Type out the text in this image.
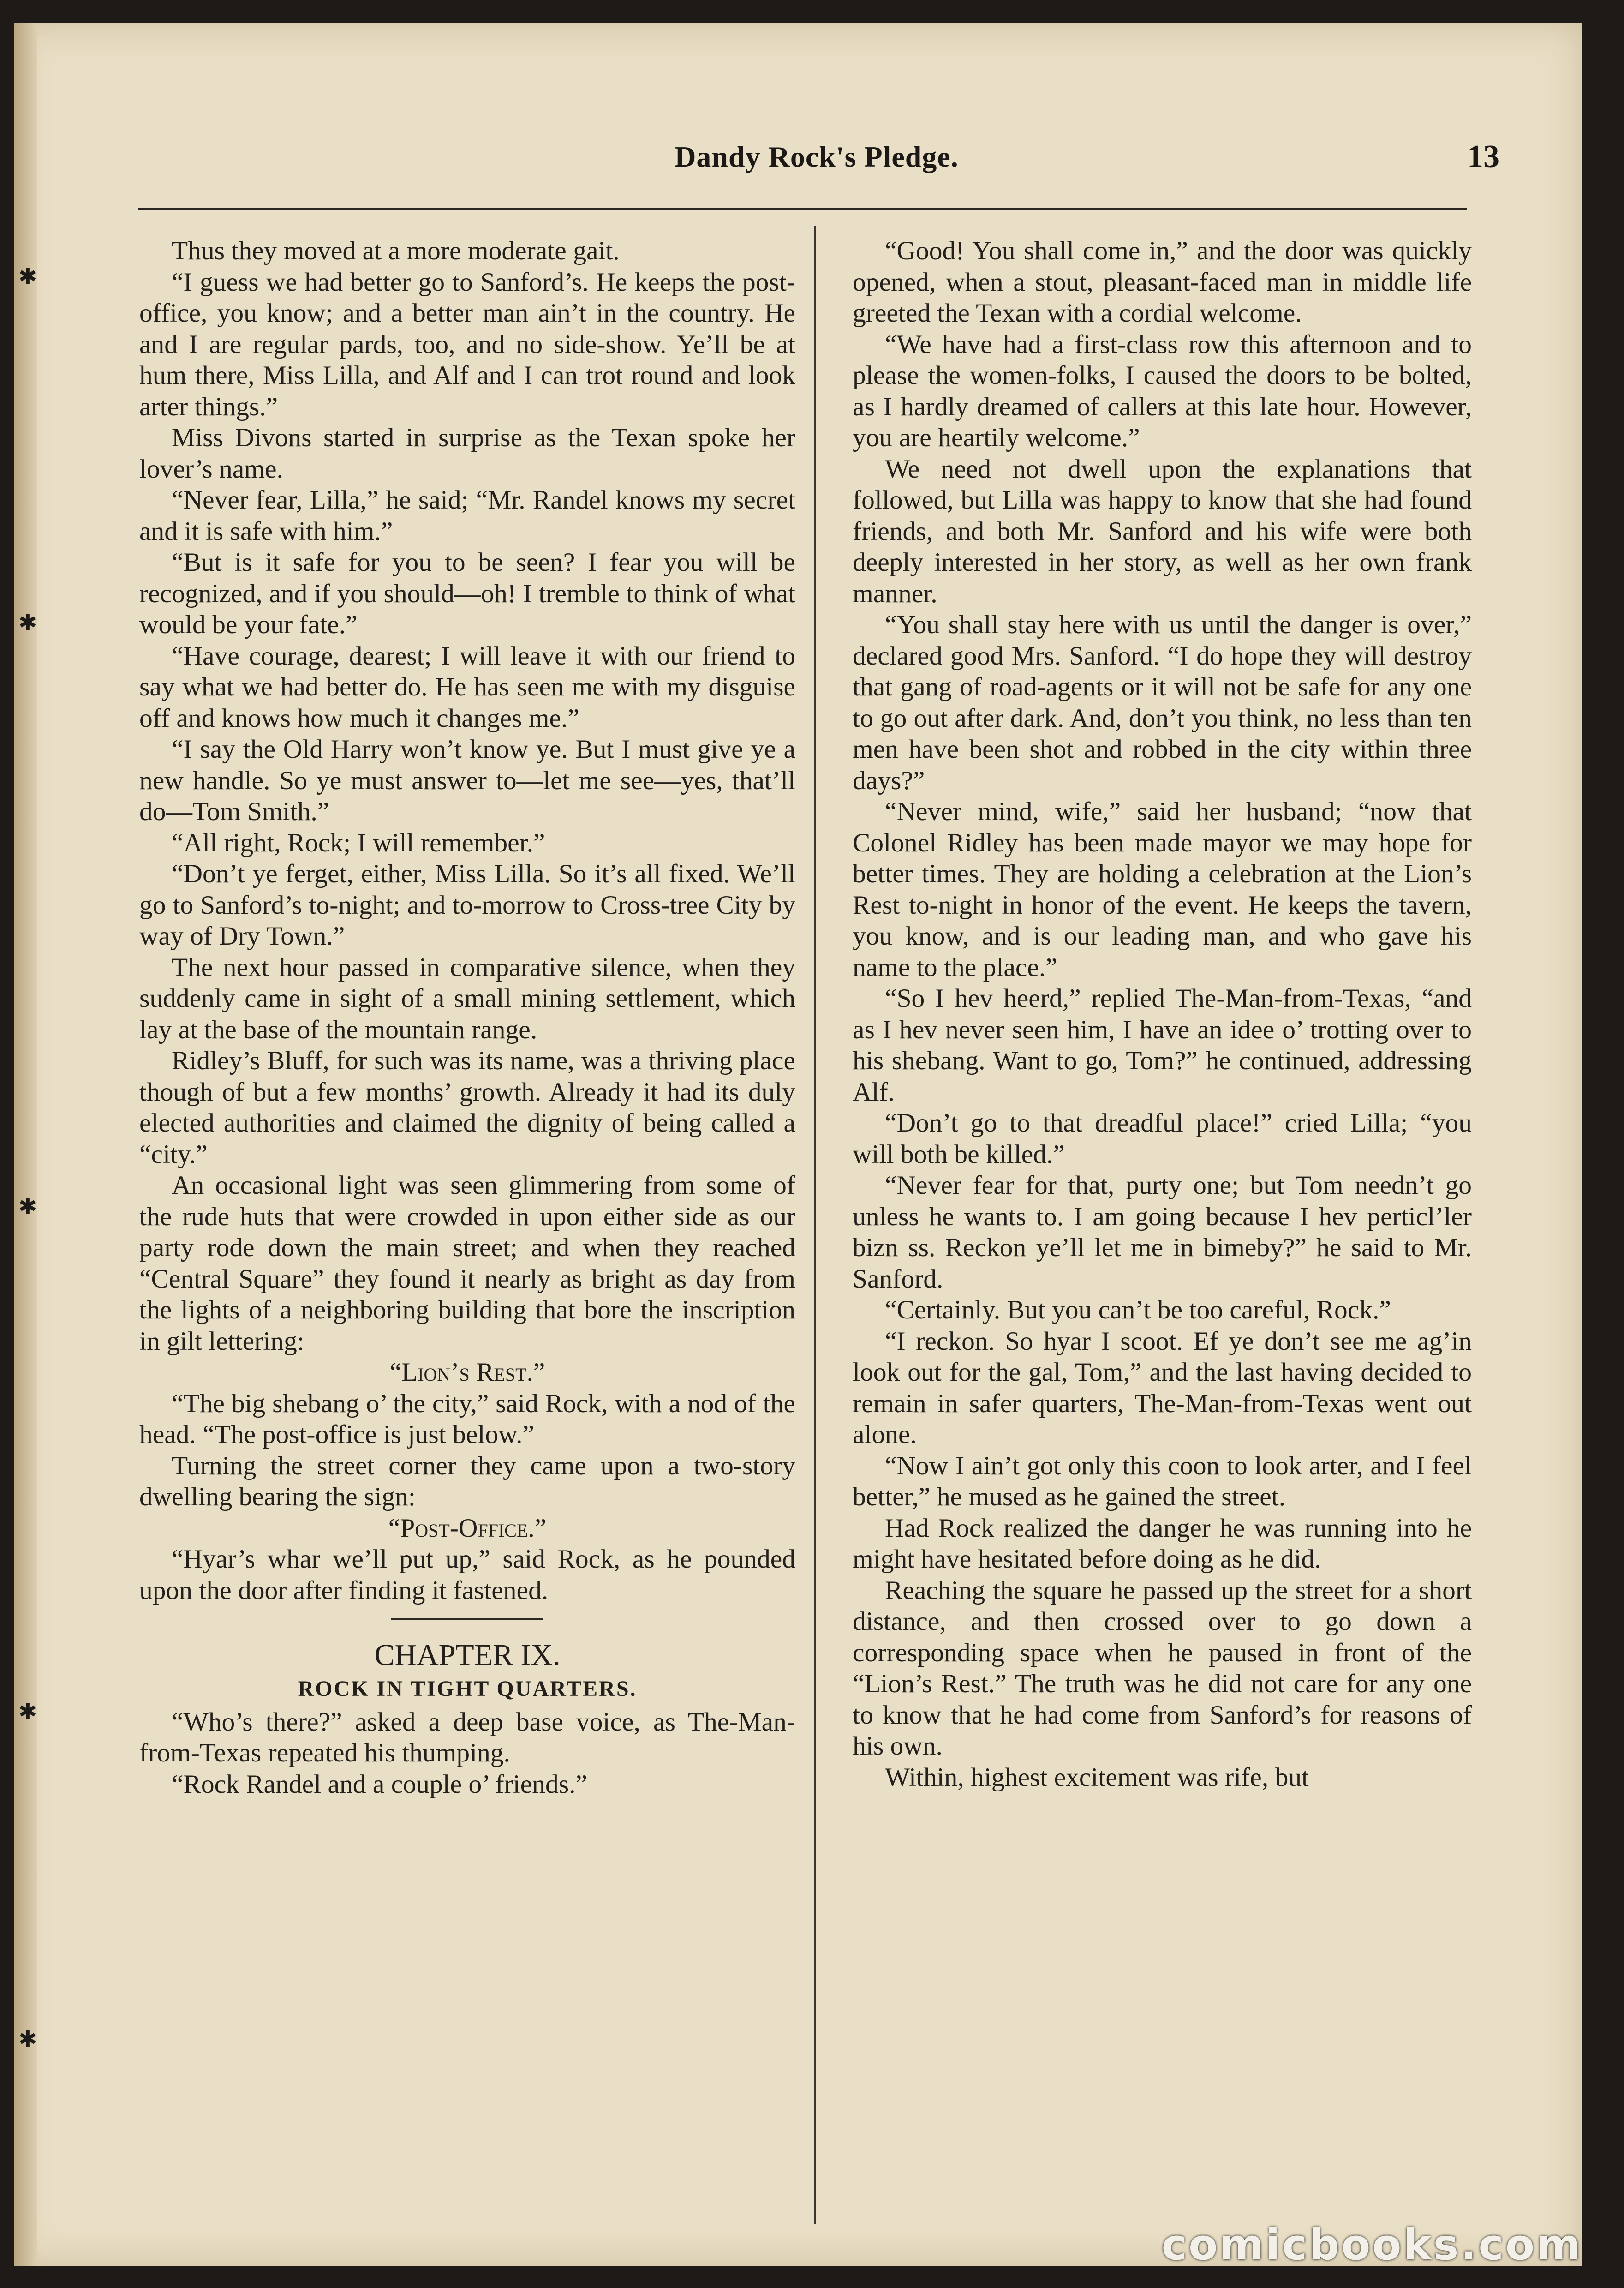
✱
✱
✱
✱
✱
Dandy Rock's Pledge.	13

Thus they moved at a more moderate gait.

“I guess we had better go to Sanford’s. He keeps the post-office, you know; and a better man ain’t in the country. He and I are regular pards, too, and no side-show. Ye’ll be at hum there, Miss Lilla, and Alf and I can trot round and look arter things.”

Miss Divons started in surprise as the Texan spoke her lover’s name.

“Never fear, Lilla,” he said; “Mr. Randel knows my secret and it is safe with him.”

“But is it safe for you to be seen? I fear you will be recognized, and if you should—oh! I tremble to think of what would be your fate.”

“Have courage, dearest; I will leave it with our friend to say what we had better do. He has seen me with my disguise off and knows how much it changes me.”

“I say the Old Harry won’t know ye. But I must give ye a new handle. So ye must answer to—let me see—yes, that’ll do—Tom Smith.”

“All right, Rock; I will remember.”

“Don’t ye ferget, either, Miss Lilla. So it’s all fixed. We’ll go to Sanford’s to-night; and to-morrow to Cross-tree City by way of Dry Town.”

The next hour passed in comparative silence, when they suddenly came in sight of a small mining settlement, which lay at the base of the mountain range.

Ridley’s Bluff, for such was its name, was a thriving place though of but a few months’ growth. Already it had its duly elected authorities and claimed the dignity of being called a “city.”

An occasional light was seen glimmering from some of the rude huts that were crowded in upon either side as our party rode down the main street; and when they reached “Central Square” they found it nearly as bright as day from the lights of a neighboring building that bore the inscription in gilt lettering:

“Lion’s Rest.”

“The big shebang o’ the city,” said Rock, with a nod of the head. “The post-office is just below.”

Turning the street corner they came upon a two-story dwelling bearing the sign:

“Post-Office.”

“Hyar’s whar we’ll put up,” said Rock, as he pounded upon the door after finding it fastened.

CHAPTER IX.

ROCK IN TIGHT QUARTERS.

“Who’s there?” asked a deep base voice, as The-Man-from-Texas repeated his thumping.

“Rock Randel and a couple o’ friends.”

“Good! You shall come in,” and the door was quickly opened, when a stout, pleasant-faced man in middle life greeted the Texan with a cordial welcome.

“We have had a first-class row this afternoon and to please the women-folks, I caused the doors to be bolted, as I hardly dreamed of callers at this late hour. However, you are heartily welcome.”

We need not dwell upon the explanations that followed, but Lilla was happy to know that she had found friends, and both Mr. Sanford and his wife were both deeply interested in her story, as well as her own frank manner.

“You shall stay here with us until the danger is over,” declared good Mrs. Sanford. “I do hope they will destroy that gang of road-agents or it will not be safe for any one to go out after dark. And, don’t you think, no less than ten men have been shot and robbed in the city within three days?”

“Never mind, wife,” said her husband; “now that Colonel Ridley has been made mayor we may hope for better times. They are holding a celebration at the Lion’s Rest to-night in honor of the event. He keeps the tavern, you know, and is our leading man, and who gave his name to the place.”

“So I hev heerd,” replied The-Man-from-Texas, “and as I hev never seen him, I have an idee o’ trotting over to his shebang. Want to go, Tom?” he continued, addressing Alf.

“Don’t go to that dreadful place!” cried Lilla; “you will both be killed.”

“Never fear for that, purty one; but Tom needn’t go unless he wants to. I am going because I hev perticl’ler bizn ss. Reckon ye’ll let me in bimeby?” he said to Mr. Sanford.

“Certainly. But you can’t be too careful, Rock.”

“I reckon. So hyar I scoot. Ef ye don’t see me ag’in look out for the gal, Tom,” and the last having decided to remain in safer quarters, The-Man-from-Texas went out alone.

“Now I ain’t got only this coon to look arter, and I feel better,” he mused as he gained the street.

Had Rock realized the danger he was running into he might have hesitated before doing as he did.

Reaching the square he passed up the street for a short distance, and then crossed over to go down a corresponding space when he paused in front of the “Lion’s Rest.” The truth was he did not care for any one to know that he had come from Sanford’s for reasons of his own.

Within, highest excitement was rife, but

comicbooks.com
